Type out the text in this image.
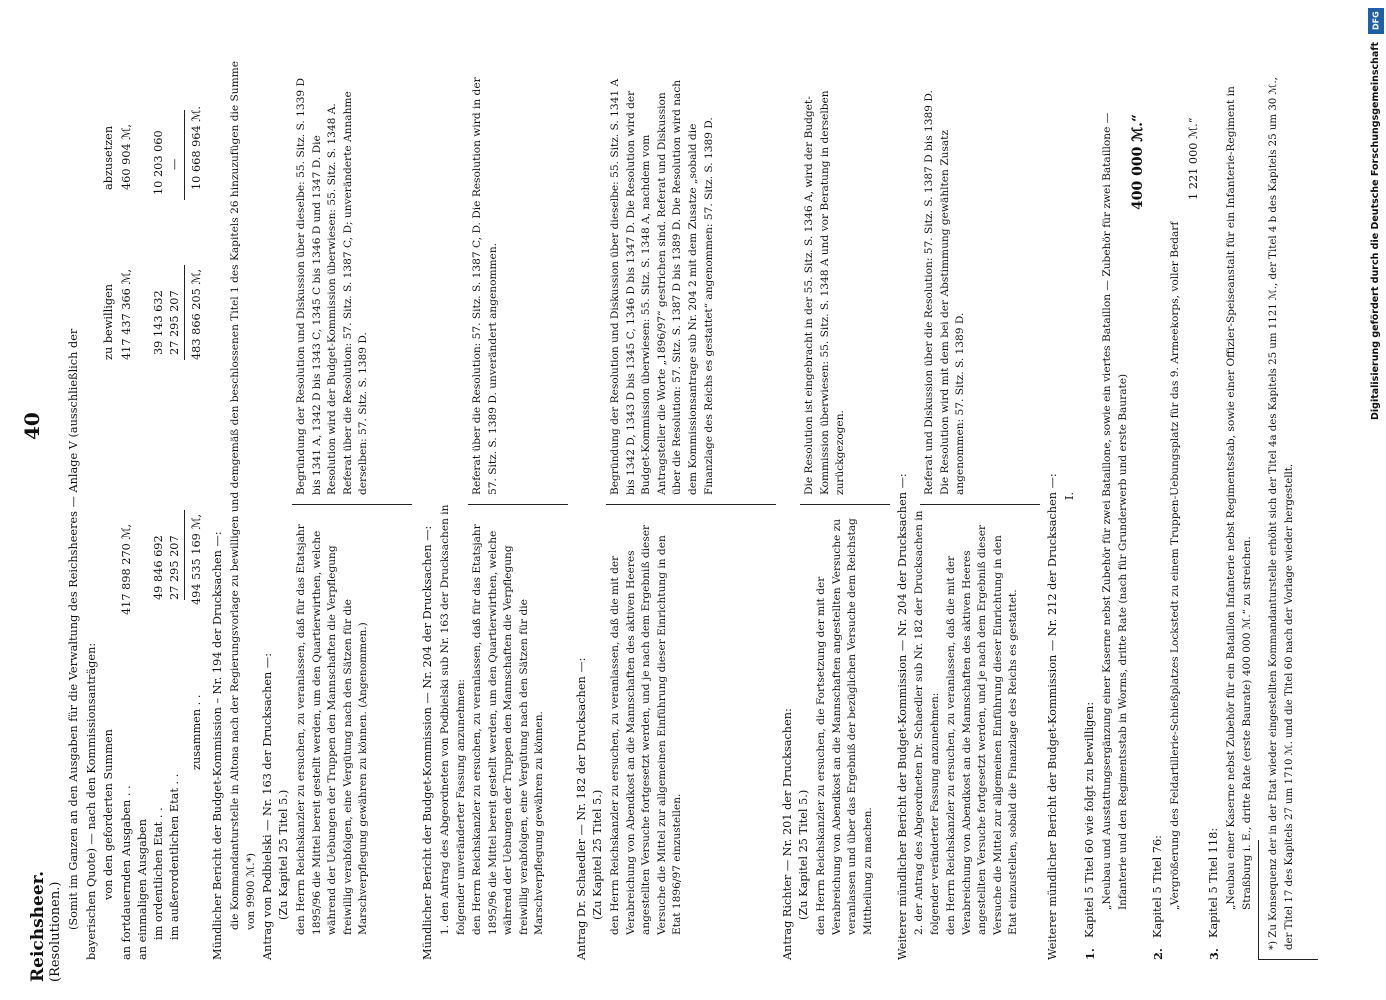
Reichsheer. (Resolutionen.)
40 (Somit im Ganzen an den Ausgaben für die Verwaltung des Reichsheeres — Anlage V (ausschließlich der bayerischen Quote) — nach den Kommissionsanträgen: von den geforderten Summen
zu bewilligen
abzusetzen
an fortdauernden Ausgaben . .
417 898 270 ℳ,
417 437 366 ℳ,
460 904 ℳ,
an einmaligen Ausgaben im ordentlichen Etat . .
49 846 692
39 143 632
10 203 060
im außerordentlichen Etat . .
27 295 207
27 295 207
—
zusammen . .
494 535 169 ℳ,
483 866 205 ℳ,
10 668 964 ℳ.
Mündlicher Bericht der Budget-Kommission – Nr. 194 der Drucksachen —: die Kommandanturstelle in Altona nach der Regierungsvorlage zu bewilligen und demgemäß den beschlossenen Titel 1 des Kapitels 26 hinzuzufügen die Summe von 9900 ℳ.*) Antrag von Podbielski — Nr. 163 der Drucksachen —: (Zu Kapitel 25 Titel 5.) den Herrn Reichskanzler zu ersuchen, zu veranlassen, daß für das Etatsjahr 1895/96 die Mittel bereit gestellt werden, um den Quartierwirthen, welche während der Uebungen der Truppen den Mannschaften die Verpflegung freiwillig verabfolgen, eine Vergütung nach den Sätzen für die Marschverpflegung gewähren zu können. (Angenommen.)
Begründung der Resolution und Diskussion über dieselbe: 55. Sitz. S. 1339 D bis 1341 A, 1342 D bis 1343 C, 1345 C bis 1346 D und 1347 D. Die Resolution wird der Budget-Kommission überwiesen: 55. Sitz. S. 1348 A. Referat über die Resolution: 57. Sitz. S. 1387 C, D; unveränderte Annahme derselben: 57. Sitz. S. 1389 D.
Mündlicher Bericht der Budget-Kommission — Nr. 204 der Drucksachen —: 1. den Antrag des Abgeordneten von Podbielski sub Nr. 163 der Drucksachen in folgender unveränderter Fassung anzunehmen: den Herrn Reichskanzler zu ersuchen, zu veranlassen, daß für das Etatsjahr 1895/96 die Mittel bereit gestellt werden, um den Quartierwirthen, welche während der Uebungen der Truppen den Mannschaften die Verpflegung freiwillig verabfolgen, eine Vergütung nach den Sätzen für die Marschverpflegung gewähren zu können.
Referat über die Resolution: 57. Sitz. S. 1387 C, D. Die Resolution wird in der 57. Sitz. S. 1389 D. unverändert angenommen.
Antrag Dr. Schaedler — Nr. 182 der Drucksachen —: (Zu Kapitel 25 Titel 5.) den Herrn Reichskanzler zu ersuchen, zu veranlassen, daß die mit der Verabreichung von Abendkost an die Mannschaften des aktiven Heeres angestellten Versuche fortgesetzt werden, und je nach dem Ergebniß dieser Versuche die Mittel zur allgemeinen Einführung dieser Einrichtung in den Etat 1896/97 einzustellen.
Begründung der Resolution und Diskussion über dieselbe: 55. Sitz. S. 1341 A bis 1342 D, 1343 D bis 1345 C, 1346 D bis 1347 D. Die Resolution wird der Budget-Kommission überwiesen: 55. Sitz. S. 1348 A, nachdem vom Antragsteller die Worte „1896/97“ gestrichen sind. Referat und Diskussion über die Resolution: 57. Sitz. S. 1387 D bis 1389 D. Die Resolution wird nach dem Kommissionsantrage sub Nr. 204 2 mit dem Zusatze „sobald die Finanzlage des Reichs es gestattet“ angenommen: 57. Sitz. S. 1389 D.
Antrag Richter — Nr. 201 der Drucksachen: (Zu Kapitel 25 Titel 5.) den Herrn Reichskanzler zu ersuchen, die Fortsetzung der mit der Verabreichung von Abendkost an die Mannschaften angestellten Versuche zu veranlassen und über das Ergebniß der bezüglichen Versuche dem Reichstag Mittheilung zu machen.
Die Resolution ist eingebracht in der 55. Sitz. S. 1346 A, wird der Budget-Kommission überwiesen: 55. Sitz. S. 1348 A und vor Beratung in derselben zurückgezogen.
Weiterer mündlicher Bericht der Budget-Kommission — Nr. 204 der Drucksachen —: 2. der Antrag des Abgeordneten Dr. Schaedler sub Nr. 182 der Drucksachen in folgender veränderter Fassung anzunehmen: den Herrn Reichskanzler zu ersuchen, zu veranlassen, daß die mit der Verabreichung von Abendkost an die Mannschaften des aktiven Heeres angestellten Versuche fortgesetzt werden, und je nach dem Ergebniß dieser Versuche die Mittel zur allgemeinen Einführung dieser Einrichtung in den Etat einzustellen, sobald die Finanzlage des Reichs es gestattet.
Referat und Diskussion über die Resolution: 57. Sitz. S. 1387 D bis 1389 D. Die Resolution wird mit dem bei der Abstimmung gewählten Zusatz angenommen: 57. Sitz. S. 1389 D.
Weiterer mündlicher Bericht der Budget-Kommission — Nr. 212 der Drucksachen —: I.
1.
Kapitel 5 Titel 60 wie folgt zu bewilligen: „Neubau und Ausstattungsergänzung einer Kaserne nebst Zubehör für zwei Bataillone, sowie ein viertes Bataillon — Zubehör für zwei Bataillone — Infanterie und den Regimentsstab in Worms, dritte Rate (nach für Grunderwerb und erste Baurate)
400 000 ℳ.“
2.
Kapitel 5 Titel 76: „Vergrößerung des Feldartillerie-Schießplatzes Lockstedt zu einem Truppen-Uebungsplatz für das 9. Armeekorps, voller Bedarf
1 221 000 ℳ.“
3.
Kapitel 5 Titel 118: „Neubau einer Kaserne nebst Zubehör für ein Bataillon Infanterie nebst Regimentsstab, sowie einer Offizier-Speiseanstalt für ein Infanterie-Regiment in Straßburg i. E., dritte Rate (erste Baurate) 400 000 ℳ.“ zu streichen. *) Zu Konsequenz der in der Etat wieder eingestellten Kommandanturstelle erhöht sich der Titel 4a des Kapitels 25 um 1121 ℳ., der Titel 4 b des Kapitels 25 um 30 ℳ., der Titel 17 des Kapitels 27 um 1710 ℳ. und die Titel 60 nach der Vorlage wieder hergestellt.
DFG
Digitalisierung gefördert durch die Deutsche Forschungsgemeinschaft
